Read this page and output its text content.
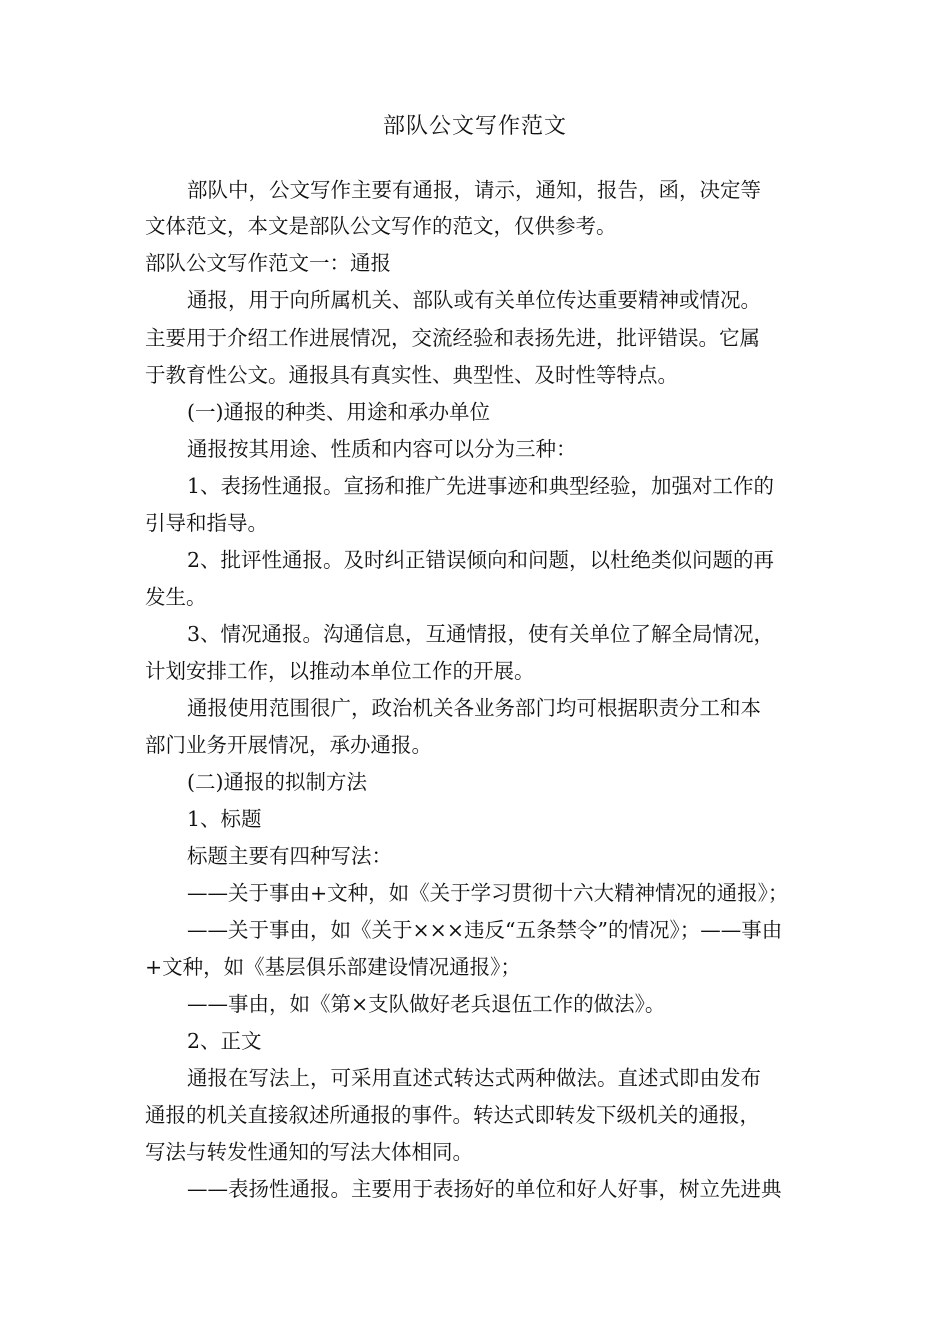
部队公文写作范文
部队中，公文写作主要有通报，请示，通知，报告，函，决定等
文体范文，本文是部队公文写作的范文，仅供参考。
部队公文写作范文一：通报
通报，用于向所属机关、部队或有关单位传达重要精神或情况。
主要用于介绍工作进展情况，交流经验和表扬先进，批评错误。它属
于教育性公文。通报具有真实性、典型性、及时性等特点。
(一)通报的种类、用途和承办单位
通报按其用途、性质和内容可以分为三种：
1、表扬性通报。宣扬和推广先进事迹和典型经验，加强对工作的
引导和指导。
2、批评性通报。及时纠正错误倾向和问题，以杜绝类似问题的再
发生。
3、情况通报。沟通信息，互通情报，使有关单位了解全局情况，
计划安排工作，以推动本单位工作的开展。
通报使用范围很广，政治机关各业务部门均可根据职责分工和本
部门业务开展情况，承办通报。
(二)通报的拟制方法
1、标题
标题主要有四种写法：
——关于事由+文种，如《关于学习贯彻十六大精神情况的通报》；
——关于事由，如《关于×××违反“五条禁令”的情况》；——事由
+文种，如《基层俱乐部建设情况通报》；
——事由，如《第×支队做好老兵退伍工作的做法》。
2、正文
通报在写法上，可采用直述式转达式两种做法。直述式即由发布
通报的机关直接叙述所通报的事件。转达式即转发下级机关的通报，
写法与转发性通知的写法大体相同。
——表扬性通报。主要用于表扬好的单位和好人好事，树立先进典
